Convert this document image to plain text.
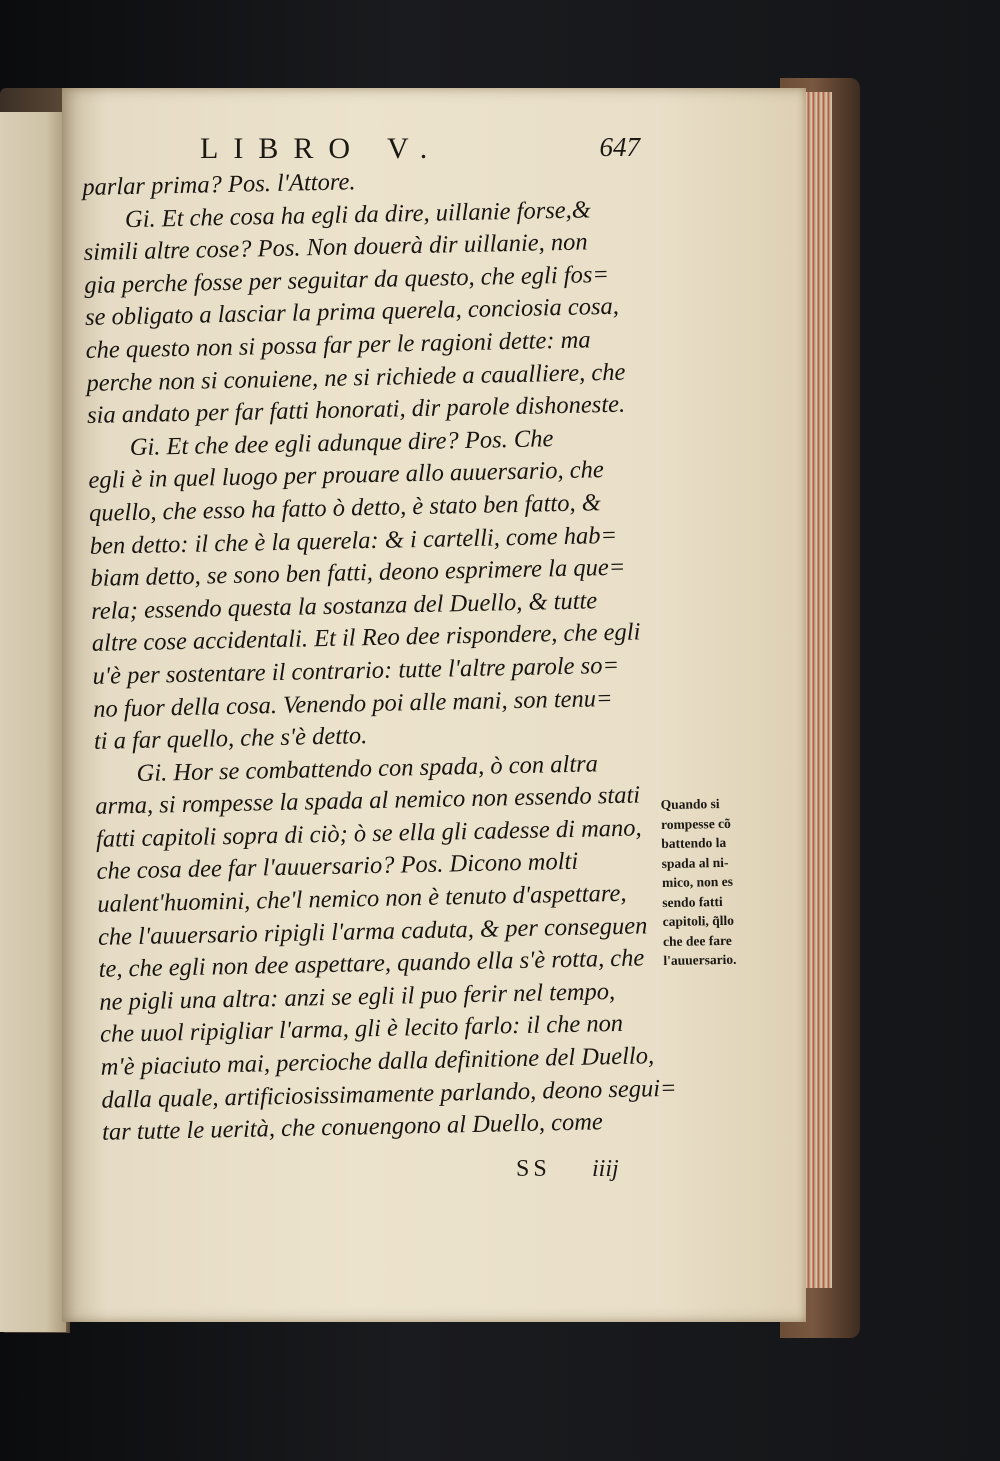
LIBRO V.	647
parlar prima? Pos. l'Attore.
Gi. Et che cosa ha egli da dire, uillanie forse,&
simili altre cose? Pos. Non douerà dir uillanie, non
gia perche fosse per seguitar da questo, che egli fos=
se obligato a lasciar la prima querela, conciosia cosa,
che questo non si possa far per le ragioni dette: ma
perche non si conuiene, ne si richiede a caualliere, che
sia andato per far fatti honorati, dir parole dishoneste.
Gi. Et che dee egli adunque dire? Pos. Che
egli è in quel luogo per prouare allo auuersario, che
quello, che esso ha fatto ò detto, è stato ben fatto, &
ben detto: il che è la querela: & i cartelli, come hab=
biam detto, se sono ben fatti, deono esprimere la que=
rela; essendo questa la sostanza del Duello, & tutte
altre cose accidentali. Et il Reo dee rispondere, che egli
u'è per sostentare il contrario: tutte l'altre parole so=
no fuor della cosa. Venendo poi alle mani, son tenu=
ti a far quello, che s'è detto.
Gi. Hor se combattendo con spada, ò con altra
arma, si rompesse la spada al nemico non essendo stati
fatti capitoli sopra di ciò; ò se ella gli cadesse di mano,
che cosa dee far l'auuersario? Pos. Dicono molti
ualent'huomini, che'l nemico non è tenuto d'aspettare,
che l'auuersario ripigli l'arma caduta, & per conseguen
te, che egli non dee aspettare, quando ella s'è rotta, che
ne pigli una altra: anzi se egli il puo ferir nel tempo,
che uuol ripigliar l'arma, gli è lecito farlo: il che non
m'è piaciuto mai, percioche dalla definitione del Duello,
dalla quale, artificiosissimamente parlando, deono segui=
tar tutte le uerità, che conuengono al Duello, come
Quando si
rompesse cõ
battendo la
spada al ni-
mico, non es
sendo fatti
capitoli, q̃llo
che dee fare
l'auuersario.
SS iiij
